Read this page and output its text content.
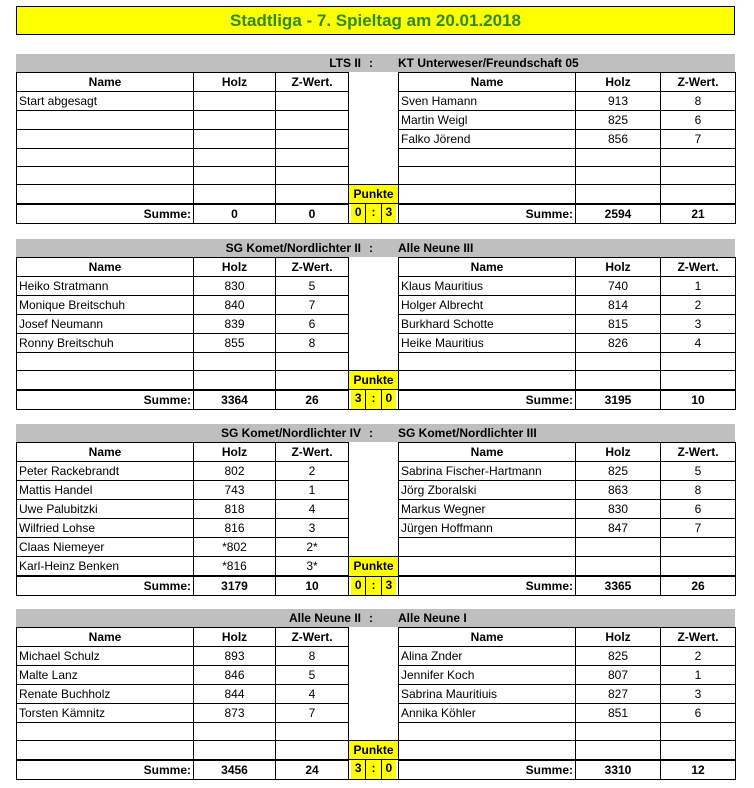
Stadtliga - 7. Spieltag am 20.01.2018
LTS II : KT Unterweser/Freundschaft 05
Name	Holz	Z-Wert.		Name	Holz	Z-Wert.
Start abgesagt				Sven Hamann	913	8
				Martin Weigl	825	6
				Falko Jörend	856	7

			Punkte			
Summe:	0	0	0 : 3	Summe:	2594	21
SG Komet/Nordlichter II : Alle Neune III
Name	Holz	Z-Wert.		Name	Holz	Z-Wert.
Heiko Stratmann	830	5		Klaus Mauritius	740	1
Monique Breitschuh	840	7		Holger Albrecht	814	2
Josef Neumann	839	6		Burkhard Schotte	815	3
Ronny Breitschuh	855	8		Heike Mauritius	826	4

			Punkte			
Summe:	3364	26	3 : 0	Summe:	3195	10
SG Komet/Nordlichter IV : SG Komet/Nordlichter III
Name	Holz	Z-Wert.		Name	Holz	Z-Wert.
Peter Rackebrandt	802	2		Sabrina Fischer-Hartmann	825	5
Mattis Handel	743	1		Jörg Zboralski	863	8
Uwe Palubitzki	818	4		Markus Wegner	830	6
Wilfried Lohse	816	3		Jürgen Hoffmann	847	7
Claas Niemeyer	*802	2*				
Karl-Heinz Benken	*816	3*	Punkte			
Summe:	3179	10	0 : 3	Summe:	3365	26
Alle Neune II : Alle Neune I
Name	Holz	Z-Wert.		Name	Holz	Z-Wert.
Michael Schulz	893	8		Alina Znder	825	2
Malte Lanz	846	5		Jennifer Koch	807	1
Renate Buchholz	844	4		Sabrina Mauritiuis	827	3
Torsten Kämnitz	873	7		Annika Köhler	851	6

			Punkte			
Summe:	3456	24	3 : 0	Summe:	3310	12
